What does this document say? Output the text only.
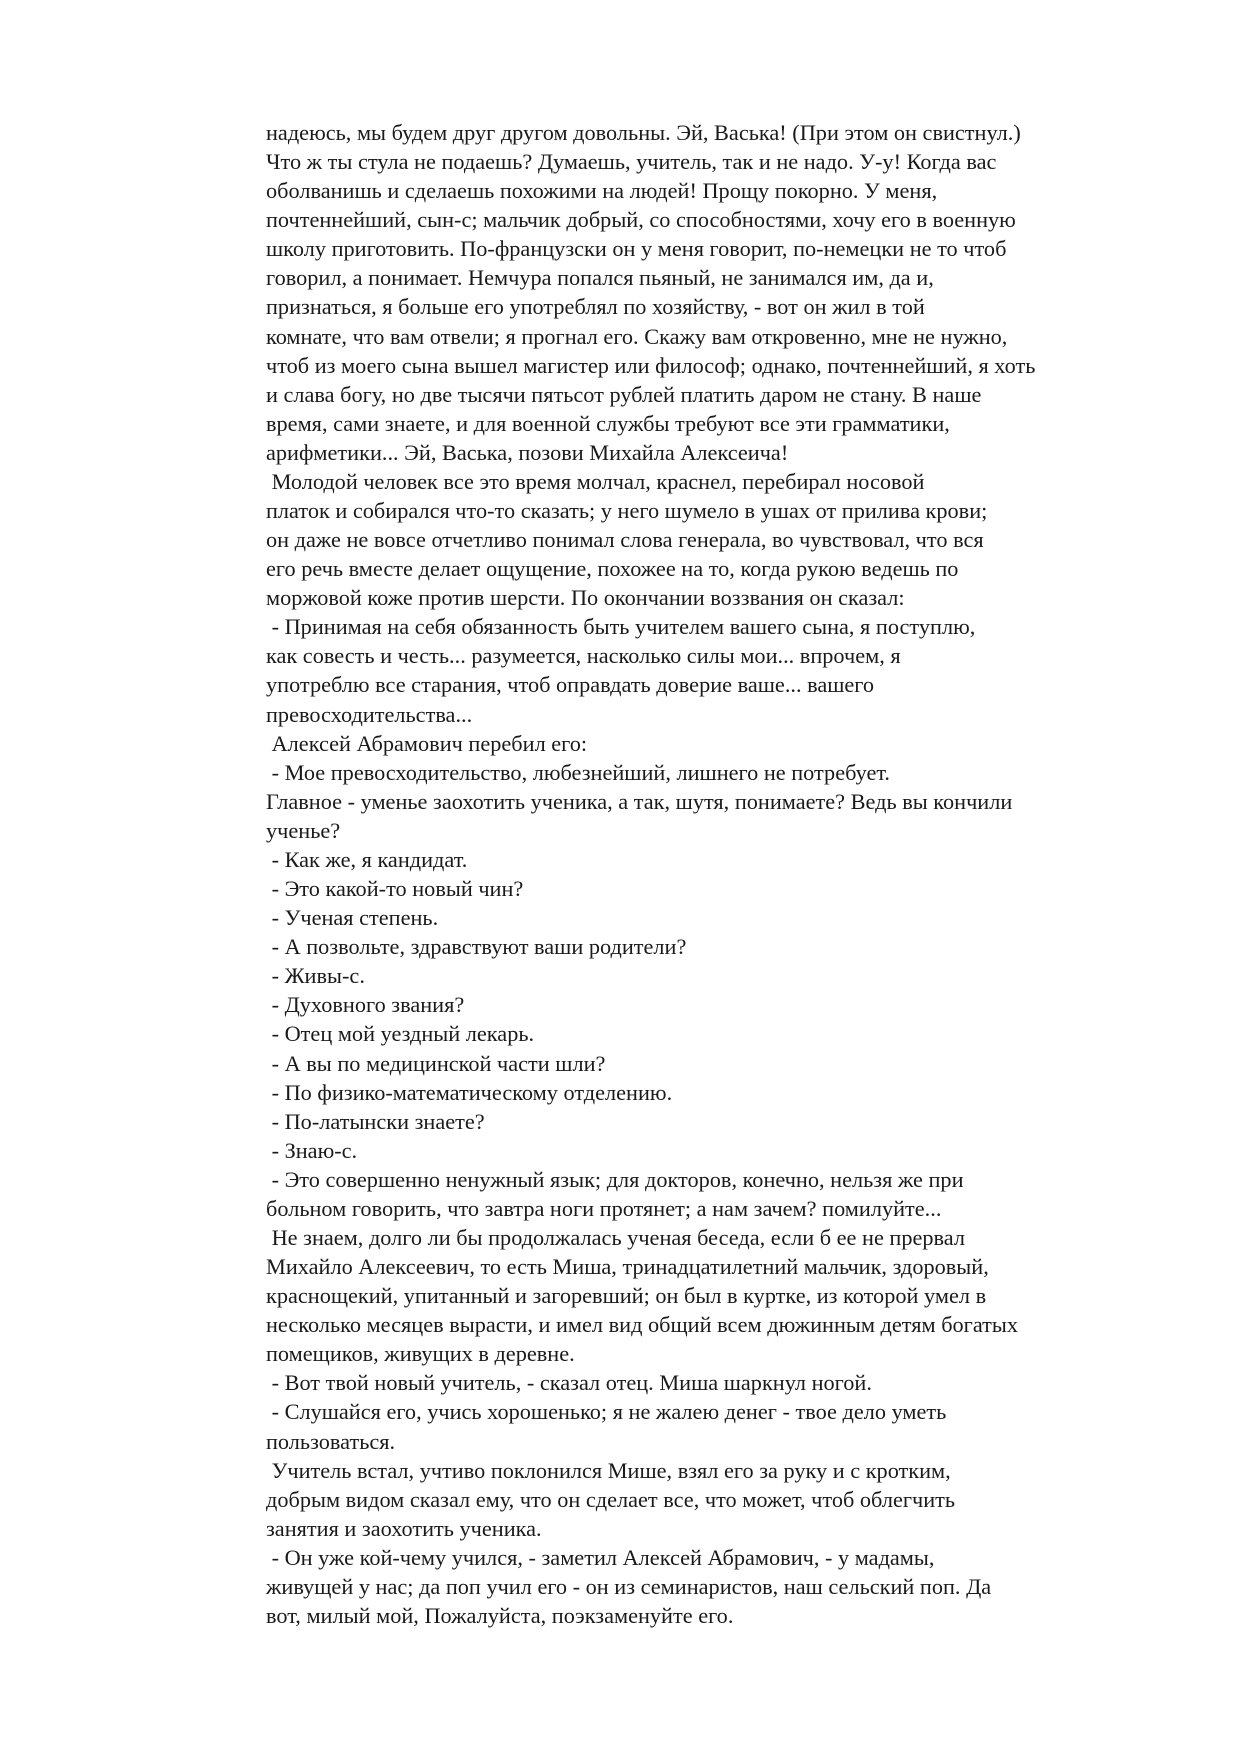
надеюсь, мы будем друг другом довольны. Эй, Васька! (При этом он свистнул.)
Что ж ты стула не подаешь? Думаешь, учитель, так и не надо. У-у! Когда вас
оболванишь и сделаешь похожими на людей! Прощу покорно. У меня,
почтеннейший, сын-с; мальчик добрый, со способностями, хочу его в военную
школу приготовить. По-французски он у меня говорит, по-немецки не то чтоб
говорил, а понимает. Немчура попался пьяный, не занимался им, да и,
признаться, я больше его употреблял по хозяйству, - вот он жил в той
комнате, что вам отвели; я прогнал его. Скажу вам откровенно, мне не нужно,
чтоб из моего сына вышел магистер или философ; однако, почтеннейший, я хоть
и слава богу, но две тысячи пятьсот рублей платить даром не стану. В наше
время, сами знаете, и для военной службы требуют все эти грамматики,
арифметики... Эй, Васька, позови Михайла Алексеича!
Молодой человек все это время молчал, краснел, перебирал носовой
платок и собирался что-то сказать; у него шумело в ушах от прилива крови;
он даже не вовсе отчетливо понимал слова генерала, во чувствовал, что вся
его речь вместе делает ощущение, похожее на то, когда рукою ведешь по
моржовой коже против шерсти. По окончании воззвания он сказал:
- Принимая на себя обязанность быть учителем вашего сына, я поступлю,
как совесть и честь... разумеется, насколько силы мои... впрочем, я
употреблю все старания, чтоб оправдать доверие ваше... вашего
превосходительства...
Алексей Абрамович перебил его:
- Мое превосходительство, любезнейший, лишнего не потребует.
Главное - уменье заохотить ученика, а так, шутя, понимаете? Ведь вы кончили
ученье?
- Как же, я кандидат.
- Это какой-то новый чин?
- Ученая степень.
- А позвольте, здравствуют ваши родители?
- Живы-с.
- Духовного звания?
- Отец мой уездный лекарь.
- А вы по медицинской части шли?
- По физико-математическому отделению.
- По-латынски знаете?
- Знаю-с.
- Это совершенно ненужный язык; для докторов, конечно, нельзя же при
больном говорить, что завтра ноги протянет; а нам зачем? помилуйте...
Не знаем, долго ли бы продолжалась ученая беседа, если б ее не прервал
Михайло Алексеевич, то есть Миша, тринадцатилетний мальчик, здоровый,
краснощекий, упитанный и загоревший; он был в куртке, из которой умел в
несколько месяцев вырасти, и имел вид общий всем дюжинным детям богатых
помещиков, живущих в деревне.
- Вот твой новый учитель, - сказал отец. Миша шаркнул ногой.
- Слушайся его, учись хорошенько; я не жалею денег - твое дело уметь
пользоваться.
Учитель встал, учтиво поклонился Мише, взял его за руку и с кротким,
добрым видом сказал ему, что он сделает все, что может, чтоб облегчить
занятия и заохотить ученика.
- Он уже кой-чему учился, - заметил Алексей Абрамович, - у мадамы,
живущей у нас; да поп учил его - он из семинаристов, наш сельский поп. Да
вот, милый мой, Пожалуйста, поэкзаменуйте его.
